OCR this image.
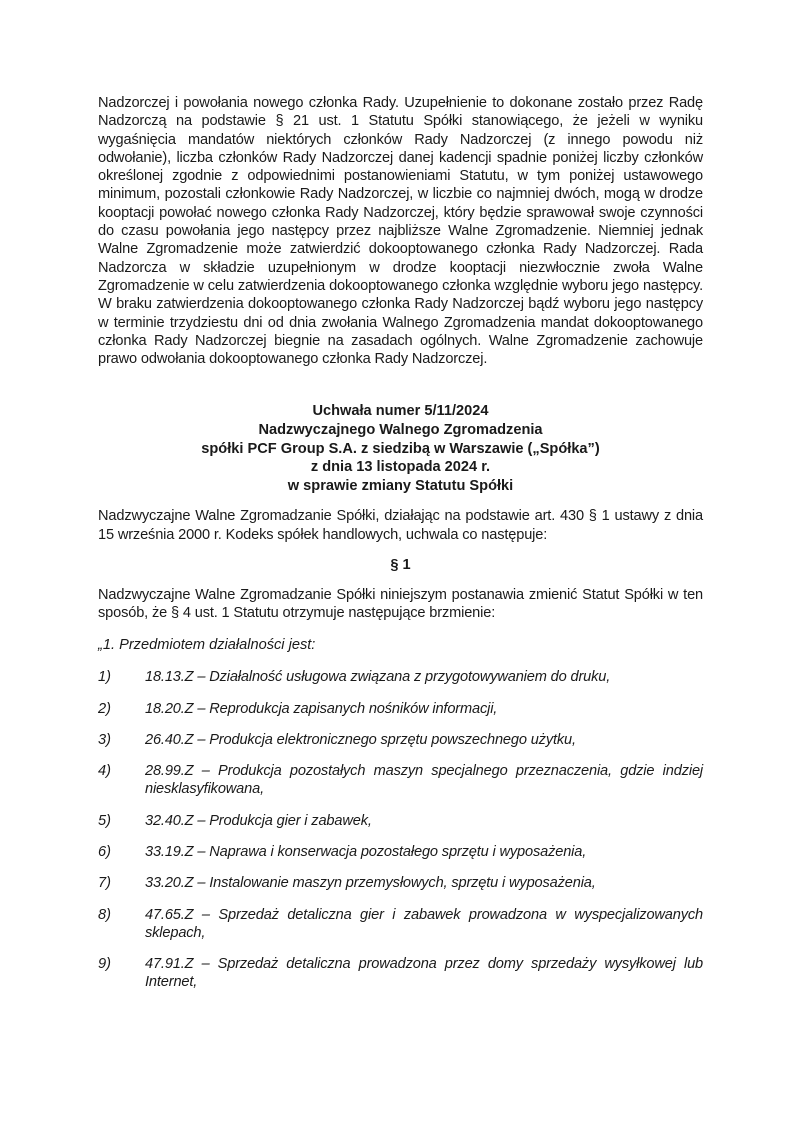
Nadzorczej i powołania nowego członka Rady. Uzupełnienie to dokonane zostało przez Radę Nadzorczą na podstawie § 21 ust. 1 Statutu Spółki stanowiącego, że jeżeli w wyniku wygaśnięcia mandatów niektórych członków Rady Nadzorczej (z innego powodu niż odwołanie), liczba członków Rady Nadzorczej danej kadencji spadnie poniżej liczby członków określonej zgodnie z odpowiednimi postanowieniami Statutu, w tym poniżej ustawowego minimum, pozostali członkowie Rady Nadzorczej, w liczbie co najmniej dwóch, mogą w drodze kooptacji powołać nowego członka Rady Nadzorczej, który będzie sprawował swoje czynności do czasu powołania jego następcy przez najbliższe Walne Zgromadzenie. Niemniej jednak Walne Zgromadzenie może zatwierdzić dokooptowanego członka Rady Nadzorczej. Rada Nadzorcza w składzie uzupełnionym w drodze kooptacji niezwłocznie zwoła Walne Zgromadzenie w celu zatwierdzenia dokooptowanego członka względnie wyboru jego następcy. W braku zatwierdzenia dokooptowanego członka Rady Nadzorczej bądź wyboru jego następcy w terminie trzydziestu dni od dnia zwołania Walnego Zgromadzenia mandat dokooptowanego członka Rady Nadzorczej biegnie na zasadach ogólnych. Walne Zgromadzenie zachowuje prawo odwołania dokooptowanego członka Rady Nadzorczej.

Uchwała numer 5/11/2024
Nadzwyczajnego Walnego Zgromadzenia
spółki PCF Group S.A. z siedzibą w Warszawie („Spółka”)
z dnia 13 listopada 2024 r.
w sprawie zmiany Statutu Spółki

Nadzwyczajne Walne Zgromadzanie Spółki, działając na podstawie art. 430 § 1 ustawy z dnia 15 września 2000 r. Kodeks spółek handlowych, uchwala co następuje:

§ 1

Nadzwyczajne Walne Zgromadzanie Spółki niniejszym postanawia zmienić Statut Spółki w ten sposób, że § 4 ust. 1 Statutu otrzymuje następujące brzmienie:

„1. Przedmiotem działalności jest:

1)	18.13.Z – Działalność usługowa związana z przygotowywaniem do druku,
2)	18.20.Z – Reprodukcja zapisanych nośników informacji,
3)	26.40.Z – Produkcja elektronicznego sprzętu powszechnego użytku,
4)	28.99.Z – Produkcja pozostałych maszyn specjalnego przeznaczenia, gdzie indziej niesklasyfikowana,
5)	32.40.Z – Produkcja gier i zabawek,
6)	33.19.Z – Naprawa i konserwacja pozostałego sprzętu i wyposażenia,
7)	33.20.Z – Instalowanie maszyn przemysłowych, sprzętu i wyposażenia,
8)	47.65.Z – Sprzedaż detaliczna gier i zabawek prowadzona w wyspecjalizowanych sklepach,
9)	47.91.Z – Sprzedaż detaliczna prowadzona przez domy sprzedaży wysyłkowej lub Internet,
